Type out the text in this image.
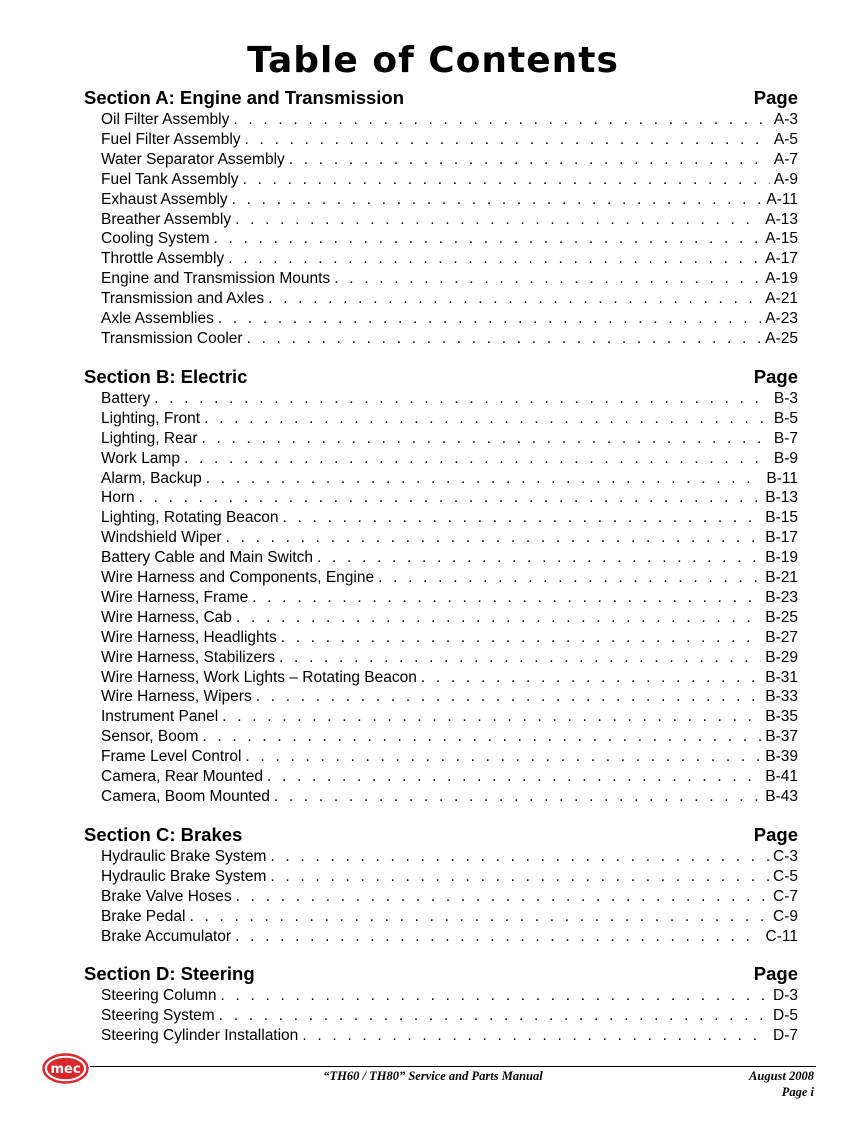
Table of Contents
Section A: Engine and Transmission	Page
Oil Filter Assembly . . .	A-3
Fuel Filter Assembly . . .	A-5
Water Separator Assembly . . .	A-7
Fuel Tank Assembly . . .	A-9
Exhaust Assembly . . .	A-11
Breather Assembly . . .	A-13
Cooling System . . .	A-15
Throttle Assembly . . .	A-17
Engine and Transmission Mounts . . .	A-19
Transmission and Axles . . .	A-21
Axle Assemblies . . .	A-23
Transmission Cooler . . .	A-25
Section B: Electric	Page
Battery . . .	B-3
Lighting, Front . . .	B-5
Lighting, Rear . . .	B-7
Work Lamp . . .	B-9
Alarm, Backup . . .	B-11
Horn . . .	B-13
Lighting, Rotating Beacon . . .	B-15
Windshield Wiper . . .	B-17
Battery Cable and Main Switch . . .	B-19
Wire Harness and Components, Engine . . .	B-21
Wire Harness, Frame . . .	B-23
Wire Harness, Cab . . .	B-25
Wire Harness, Headlights . . .	B-27
Wire Harness, Stabilizers . . .	B-29
Wire Harness, Work Lights – Rotating Beacon . . .	B-31
Wire Harness, Wipers . . .	B-33
Instrument Panel . . .	B-35
Sensor, Boom . . .	B-37
Frame Level Control . . .	B-39
Camera, Rear Mounted . . .	B-41
Camera, Boom Mounted . . .	B-43
Section C: Brakes	Page
Hydraulic Brake System . . .	C-3
Hydraulic Brake System . . .	C-5
Brake Valve Hoses . . .	C-7
Brake Pedal . . .	C-9
Brake Accumulator . . .	C-11
Section D: Steering	Page
Steering Column . . .	D-3
Steering System . . .	D-5
Steering Cylinder Installation . . .	D-7
mec	“TH60 / TH80” Service and Parts Manual	August 2008
Page i
